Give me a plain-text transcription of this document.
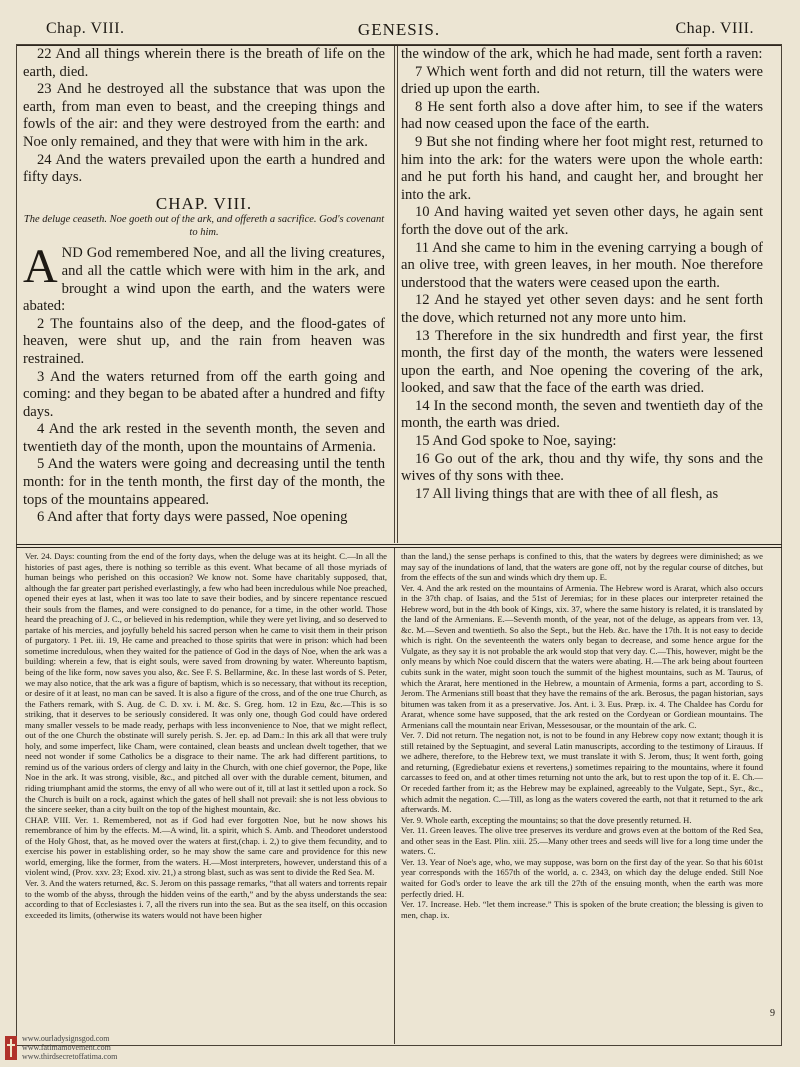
Chap. VIII.	GENESIS.	Chap. VIII.

22 And all things wherein there is the breath of life on the earth, died.

23 And he destroyed all the substance that was upon the earth, from man even to beast, and the creeping things and fowls of the air: and they were destroyed from the earth: and Noe only remained, and they that were with him in the ark.

24 And the waters prevailed upon the earth a hundred and fifty days.

CHAP. VIII.

The deluge ceaseth. Noe goeth out of the ark, and offereth a sacrifice. God's covenant to him.

AND God remembered Noe, and all the living creatures, and all the cattle which were with him in the ark, and brought a wind upon the earth, and the waters were abated:

2 The fountains also of the deep, and the flood-gates of heaven, were shut up, and the rain from heaven was restrained.

3 And the waters returned from off the earth going and coming: and they began to be abated after a hundred and fifty days.

4 And the ark rested in the seventh month, the seven and twentieth day of the month, upon the mountains of Armenia.

5 And the waters were going and decreasing until the tenth month: for in the tenth month, the first day of the month, the tops of the mountains appeared.

6 And after that forty days were passed, Noe opening

the window of the ark, which he had made, sent forth a raven:

7 Which went forth and did not return, till the waters were dried up upon the earth.

8 He sent forth also a dove after him, to see if the waters had now ceased upon the face of the earth.

9 But she not finding where her foot might rest, returned to him into the ark: for the waters were upon the whole earth: and he put forth his hand, and caught her, and brought her into the ark.

10 And having waited yet seven other days, he again sent forth the dove out of the ark.

11 And she came to him in the evening carrying a bough of an olive tree, with green leaves, in her mouth. Noe therefore understood that the waters were ceased upon the earth.

12 And he stayed yet other seven days: and he sent forth the dove, which returned not any more unto him.

13 Therefore in the six hundredth and first year, the first month, the first day of the month, the waters were lessened upon the earth, and Noe opening the covering of the ark, looked, and saw that the face of the earth was dried.

14 In the second month, the seven and twentieth day of the month, the earth was dried.

15 And God spoke to Noe, saying:

16 Go out of the ark, thou and thy wife, thy sons and the wives of thy sons with thee.

17 All living things that are with thee of all flesh, as

Ver. 24. Days: counting from the end of the forty days, when the deluge was at its height. C.—In all the histories of past ages, there is nothing so terrible as this event. What became of all those myriads of human beings who perished on this occasion? We know not. Some have charitably supposed, that, although the far greater part perished everlastingly, a few who had been incredulous while Noe preached, opened their eyes at last, when it was too late to save their bodies, and by sincere repentance rescued their souls from the flames, and were consigned to do penance, for a time, in the other world. Those heard the preaching of J. C., or believed in his redemption, while they were yet living, and so deserved to partake of his mercies, and joyfully beheld his sacred person when he came to visit them in their prison of purgatory. 1 Pet. iii. 19, He came and preached to those spirits that were in prison: which had been sometime incredulous, when they waited for the patience of God in the days of Noe, when the ark was a building: wherein a few, that is eight souls, were saved from drowning by water. Whereunto baptism, being of the like form, now saves you also, &c. See F. S. Bellarmine, &c. In these last words of S. Peter, we may also notice, that the ark was a figure of baptism, which is so necessary, that without its reception, or desire of it at least, no man can be saved. It is also a figure of the cross, and of the one true Church, as the Fathers remark, with S. Aug. de C. D. xv. i. M. &c. S. Greg. hom. 12 in Ezu, &c.—This is so striking, that it deserves to be seriously considered. It was only one, though God could have ordered many smaller vessels to be made ready, perhaps with less inconvenience to Noe, that we might reflect, out of the one Church the obstinate will surely perish. S. Jer. ep. ad Dam.: In this ark all that were truly holy, and some imperfect, like Cham, were contained, clean beasts and unclean dwelt together, that we need not wonder if some Catholics be a disgrace to their name. The ark had different partitions, to remind us of the various orders of clergy and laity in the Church, with one chief governor, the Pope, like Noe in the ark. It was strong, visible, &c., and pitched all over with the durable cement, bitumen, and riding triumphant amid the storms, the envy of all who were out of it, till at last it settled upon a rock. So the Church is built on a rock, against which the gates of hell shall not prevail: she is not less obvious to the sincere seeker, than a city built on the top of the highest mountain, &c.

CHAP. VIII. Ver. 1. Remembered, not as if God had ever forgotten Noe, but he now shows his remembrance of him by the effects. M.—A wind, lit. a spirit, which S. Amb. and Theodoret understood of the Holy Ghost, that, as he moved over the waters at first,(chap. i. 2,) to give them fecundity, and to exercise his power in establishing order, so he may show the same care and providence for this new world, emerging, like the former, from the waters. H.—Most interpreters, however, understand this of a violent wind, (Prov. xxv. 23; Exod. xiv. 21,) a strong blast, such as was sent to divide the Red Sea. M.

Ver. 3. And the waters returned, &c. S. Jerom on this passage remarks, “that all waters and torrents repair to the womb of the abyss, through the hidden veins of the earth,” and by the abyss understands the sea: according to that of Ecclesiastes i. 7, all the rivers run into the sea. But as the sea itself, on this occasion exceeded its limits, (otherwise its waters would not have been higher

than the land,) the sense perhaps is confined to this, that the waters by degrees were diminished; as we may say of the inundations of land, that the waters are gone off, not by the regular course of ditches, but from the effects of the sun and winds which dry them up. E.

Ver. 4. And the ark rested on the mountains of Armenia. The Hebrew word is Ararat, which also occurs in the 37th chap. of Isaias, and the 51st of Jeremias; for in these places our interpreter retained the Hebrew word, but in the 4th book of Kings, xix. 37, where the same history is related, it is translated by the land of the Armenians. E.—Seventh month, of the year, not of the deluge, as appears from ver. 13, &c. M.—Seven and twentieth. So also the Sept., but the Heb. &c. have the 17th. It is not easy to decide which is right. On the seventeenth the waters only began to decrease, and some hence argue for the Vulgate, as they say it is not probable the ark would stop that very day. C.—This, however, might be the only means by which Noe could discern that the waters were abating. H.—The ark being about fourteen cubits sunk in the water, might soon touch the summit of the highest mountains, such as M. Taurus, of which the Ararat, here mentioned in the Hebrew, a mountain of Armenia, forms a part, according to S. Jerom. The Armenians still boast that they have the remains of the ark. Berosus, the pagan historian, says bitumen was taken from it as a preservative. Jos. Ant. i. 3. Eus. Præp. ix. 4. The Chaldee has Cordu for Ararat, whence some have supposed, that the ark rested on the Cordyean or Gordiean mountains. The Armenians call the mountain near Erivan, Messesousar, or the mountain of the ark. C.

Ver. 7. Did not return. The negation not, is not to be found in any Hebrew copy now extant; though it is still retained by the Septuagint, and several Latin manuscripts, according to the testimony of Lirauus. If we adhere, therefore, to the Hebrew text, we must translate it with S. Jerom, thus; It went forth, going and returning, (Egrediebatur exiens et revertens,) sometimes repairing to the mountains, where it found carcasses to feed on, and at other times returning not unto the ark, but to rest upon the top of it. E. Ch.—Or receded farther from it; as the Hebrew may be explained, agreeably to the Vulgate, Sept., Syr., &c., which admit the negation. C.—Till, as long as the waters covered the earth, not that it returned to the ark afterwards. M.

Ver. 9. Whole earth, excepting the mountains; so that the dove presently returned. H.

Ver. 11. Green leaves. The olive tree preserves its verdure and grows even at the bottom of the Red Sea, and other seas in the East. Plin. xiii. 25.—Many other trees and seeds will live for a long time under the waters. C.

Ver. 13. Year of Noe's age, who, we may suppose, was born on the first day of the year. So that his 601st year corresponds with the 1657th of the world, a. c. 2343, on which day the deluge ended. Still Noe waited for God's order to leave the ark till the 27th of the ensuing month, when the earth was more perfectly dried. H.

Ver. 17. Increase. Heb. “let them increase.” This is spoken of the brute creation; the blessing is given to men, chap. ix.

9
www.ourladysignsgod.com
www.fatimamovement.com
www.thirdsecretoffatima.com
